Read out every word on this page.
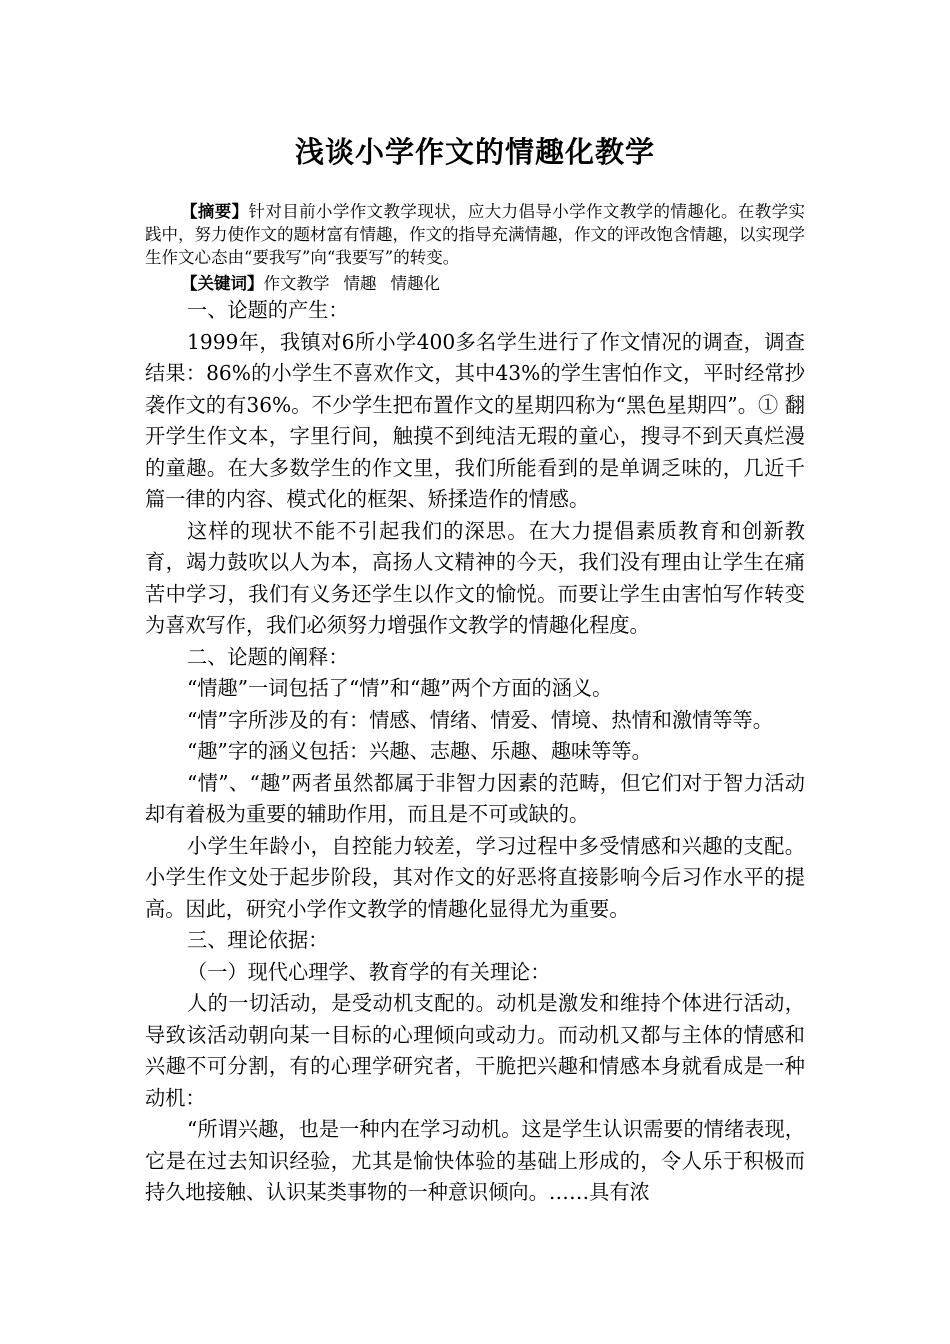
浅谈小学作文的情趣化教学
【摘要】针对目前小学作文教学现状，应大力倡导小学作文教学的情趣化。在教学实践中，努力使作文的题材富有情趣，作文的指导充满情趣，作文的评改饱含情趣，以实现学生作文心态由“要我写”向“我要写”的转变。
【关键词】作文教学 情趣 情趣化

一、论题的产生：

1999年，我镇对6所小学400多名学生进行了作文情况的调查，调查结果：86%的小学生不喜欢作文，其中43%的学生害怕作文，平时经常抄袭作文的有36%。不少学生把布置作文的星期四称为“黑色星期四”。① 翻开学生作文本，字里行间，触摸不到纯洁无瑕的童心，搜寻不到天真烂漫的童趣。在大多数学生的作文里，我们所能看到的是单调乏味的，几近千篇一律的内容、模式化的框架、矫揉造作的情感。

这样的现状不能不引起我们的深思。在大力提倡素质教育和创新教育，竭力鼓吹以人为本，高扬人文精神的今天，我们没有理由让学生在痛苦中学习，我们有义务还学生以作文的愉悦。而要让学生由害怕写作转变为喜欢写作，我们必须努力增强作文教学的情趣化程度。

二、论题的阐释：

“情趣”一词包括了“情”和“趣”两个方面的涵义。

“情”字所涉及的有：情感、情绪、情爱、情境、热情和激情等等。

“趣”字的涵义包括：兴趣、志趣、乐趣、趣味等等。

“情”、“趣”两者虽然都属于非智力因素的范畴，但它们对于智力活动却有着极为重要的辅助作用，而且是不可或缺的。

小学生年龄小，自控能力较差，学习过程中多受情感和兴趣的支配。小学生作文处于起步阶段，其对作文的好恶将直接影响今后习作水平的提高。因此，研究小学作文教学的情趣化显得尤为重要。

三、理论依据：

（一）现代心理学、教育学的有关理论：

人的一切活动，是受动机支配的。动机是激发和维持个体进行活动，导致该活动朝向某一目标的心理倾向或动力。而动机又都与主体的情感和兴趣不可分割，有的心理学研究者，干脆把兴趣和情感本身就看成是一种动机：

“所谓兴趣，也是一种内在学习动机。这是学生认识需要的情绪表现，它是在过去知识经验，尤其是愉快体验的基础上形成的，令人乐于积极而持久地接触、认识某类事物的一种意识倾向。……具有浓
